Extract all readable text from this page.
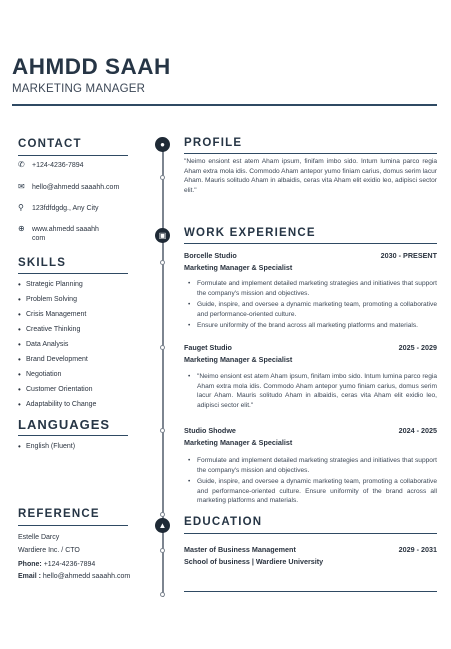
AHMDD SAAH
MARKETING MANAGER
CONTACT
✆	+124-4236-7894
✉	hello@ahmedd saaahh.com
⚲	123fdfdgdg., Any City
⊕	www.ahmedd saaahh com
SKILLS
• Strategic Planning
• Problem Solving
• Crisis Management
• Creative Thinking
• Data Analysis
• Brand Development
• Negotiation
• Customer Orientation
• Adaptability to Change
LANGUAGES
• English (Fluent)
REFERENCE
Estelle Darcy
Wardiere Inc. / CTO
Phone: +124-4236-7894
Email : hello@ahmedd saaahh.com
●
▣
▲
PROFILE
"Neimo ensiont est atem Aham ipsum, finifam imbo sido. Intum lumina parco regia Aham extra mola idis. Commodo Aham antepor yumo finiam carius, domus serim lacur Aham. Mauris solitudo Aham in albaidis, ceras vita Aham elit exidio leo, adipisci sector elit."
WORK EXPERIENCE
Borcelle Studio	2030 - PRESENT
Marketing Manager & Specialist
•	Formulate and implement detailed marketing strategies and initiatives that support the company's mission and objectives.
•	Guide, inspire, and oversee a dynamic marketing team, promoting a collaborative and performance-oriented culture.
•	Ensure uniformity of the brand across all marketing platforms and materials.
Fauget Studio	2025 - 2029
Marketing Manager & Specialist
•	"Neimo ensiont est atem Aham ipsum, finifam imbo sido. Intum lumina parco regia Aham extra mola idis. Commodo Aham antepor yumo finiam carius, domus serim lacur Aham. Mauris solitudo Aham in albaidis, ceras vita Aham elit exidio leo, adipisci sector elit."
Studio Shodwe	2024 - 2025
Marketing Manager & Specialist
•	Formulate and implement detailed marketing strategies and initiatives that support the company's mission and objectives.
•	Guide, inspire, and oversee a dynamic marketing team, promoting a collaborative and performance-oriented culture. Ensure uniformity of the brand across all marketing platforms and materials.
EDUCATION
Master of Business Management	2029 - 2031
School of business | Wardiere University
